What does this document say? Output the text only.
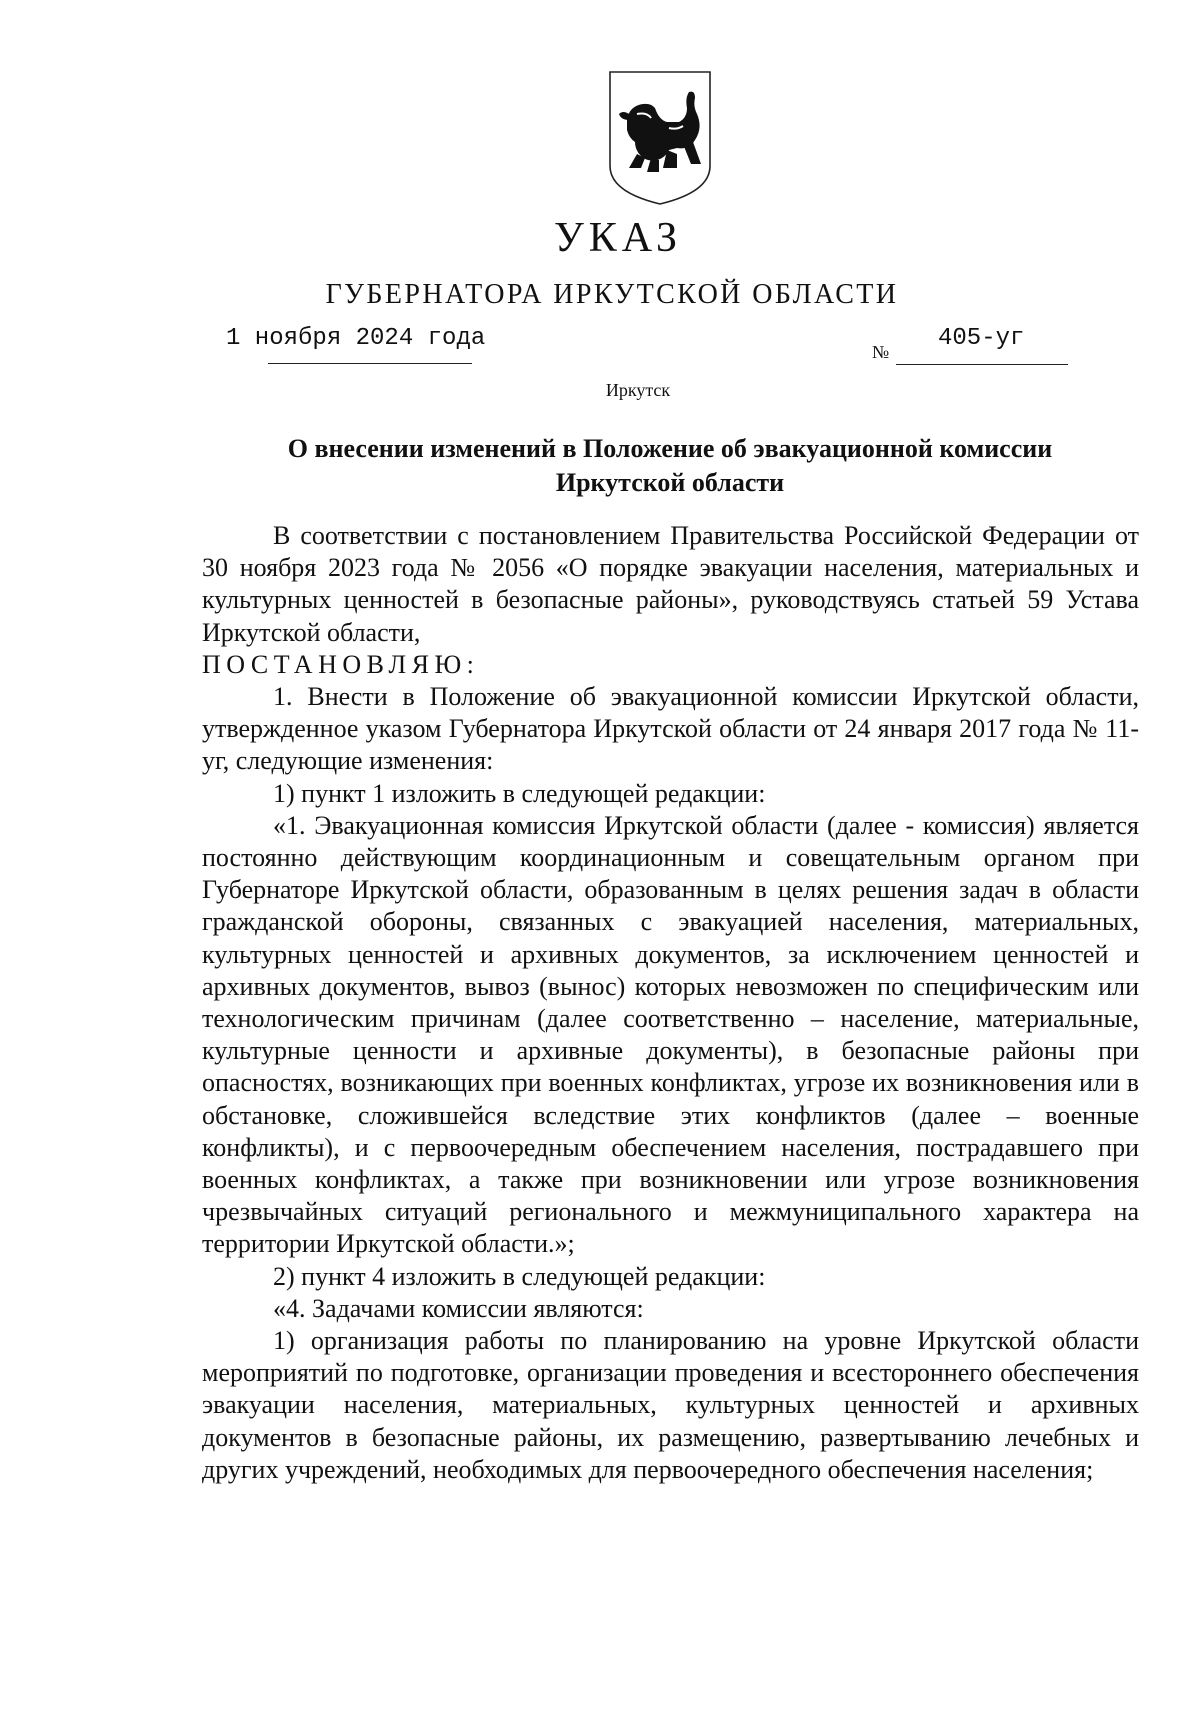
УКАЗ
ГУБЕРНАТОРА ИРКУТСКОЙ ОБЛАСТИ
1 ноября 2024 года	№ 405-уг
Иркутск
О внесении изменений в Положение об эвакуационной комиссии
Иркутской области

В соответствии с постановлением Правительства Российской Федерации от 30 ноября 2023 года № 2056 «О порядке эвакуации населения, материальных и культурных ценностей в безопасные районы», руководствуясь статьей 59 Устава Иркутской области,

ПОСТАНОВЛЯЮ:

1. Внести в Положение об эвакуационной комиссии Иркутской области, утвержденное указом Губернатора Иркутской области от 24 января 2017 года № 11-уг, следующие изменения:

1) пункт 1 изложить в следующей редакции:

«1. Эвакуационная комиссия Иркутской области (далее - комиссия) является постоянно действующим координационным и совещательным органом при Губернаторе Иркутской области, образованным в целях решения задач в области гражданской обороны, связанных с эвакуацией населения, материальных, культурных ценностей и архивных документов, за исключением ценностей и архивных документов, вывоз (вынос) которых невозможен по специфическим или технологическим причинам (далее соответственно – население, материальные, культурные ценности и архивные документы), в безопасные районы при опасностях, возникающих при военных конфликтах, угрозе их возникновения или в обстановке, сложившейся вследствие этих конфликтов (далее – военные конфликты), и с первоочередным обеспечением населения, пострадавшего при военных конфликтах, а также при возникновении или угрозе возникновения чрезвычайных ситуаций регионального и межмуниципального характера на территории Иркутской области.»;

2) пункт 4 изложить в следующей редакции:

«4. Задачами комиссии являются:

1) организация работы по планированию на уровне Иркутской области мероприятий по подготовке, организации проведения и всестороннего обеспечения эвакуации населения, материальных, культурных ценностей и архивных документов в безопасные районы, их размещению, развертыванию лечебных и других учреждений, необходимых для первоочередного обеспечения населения;
